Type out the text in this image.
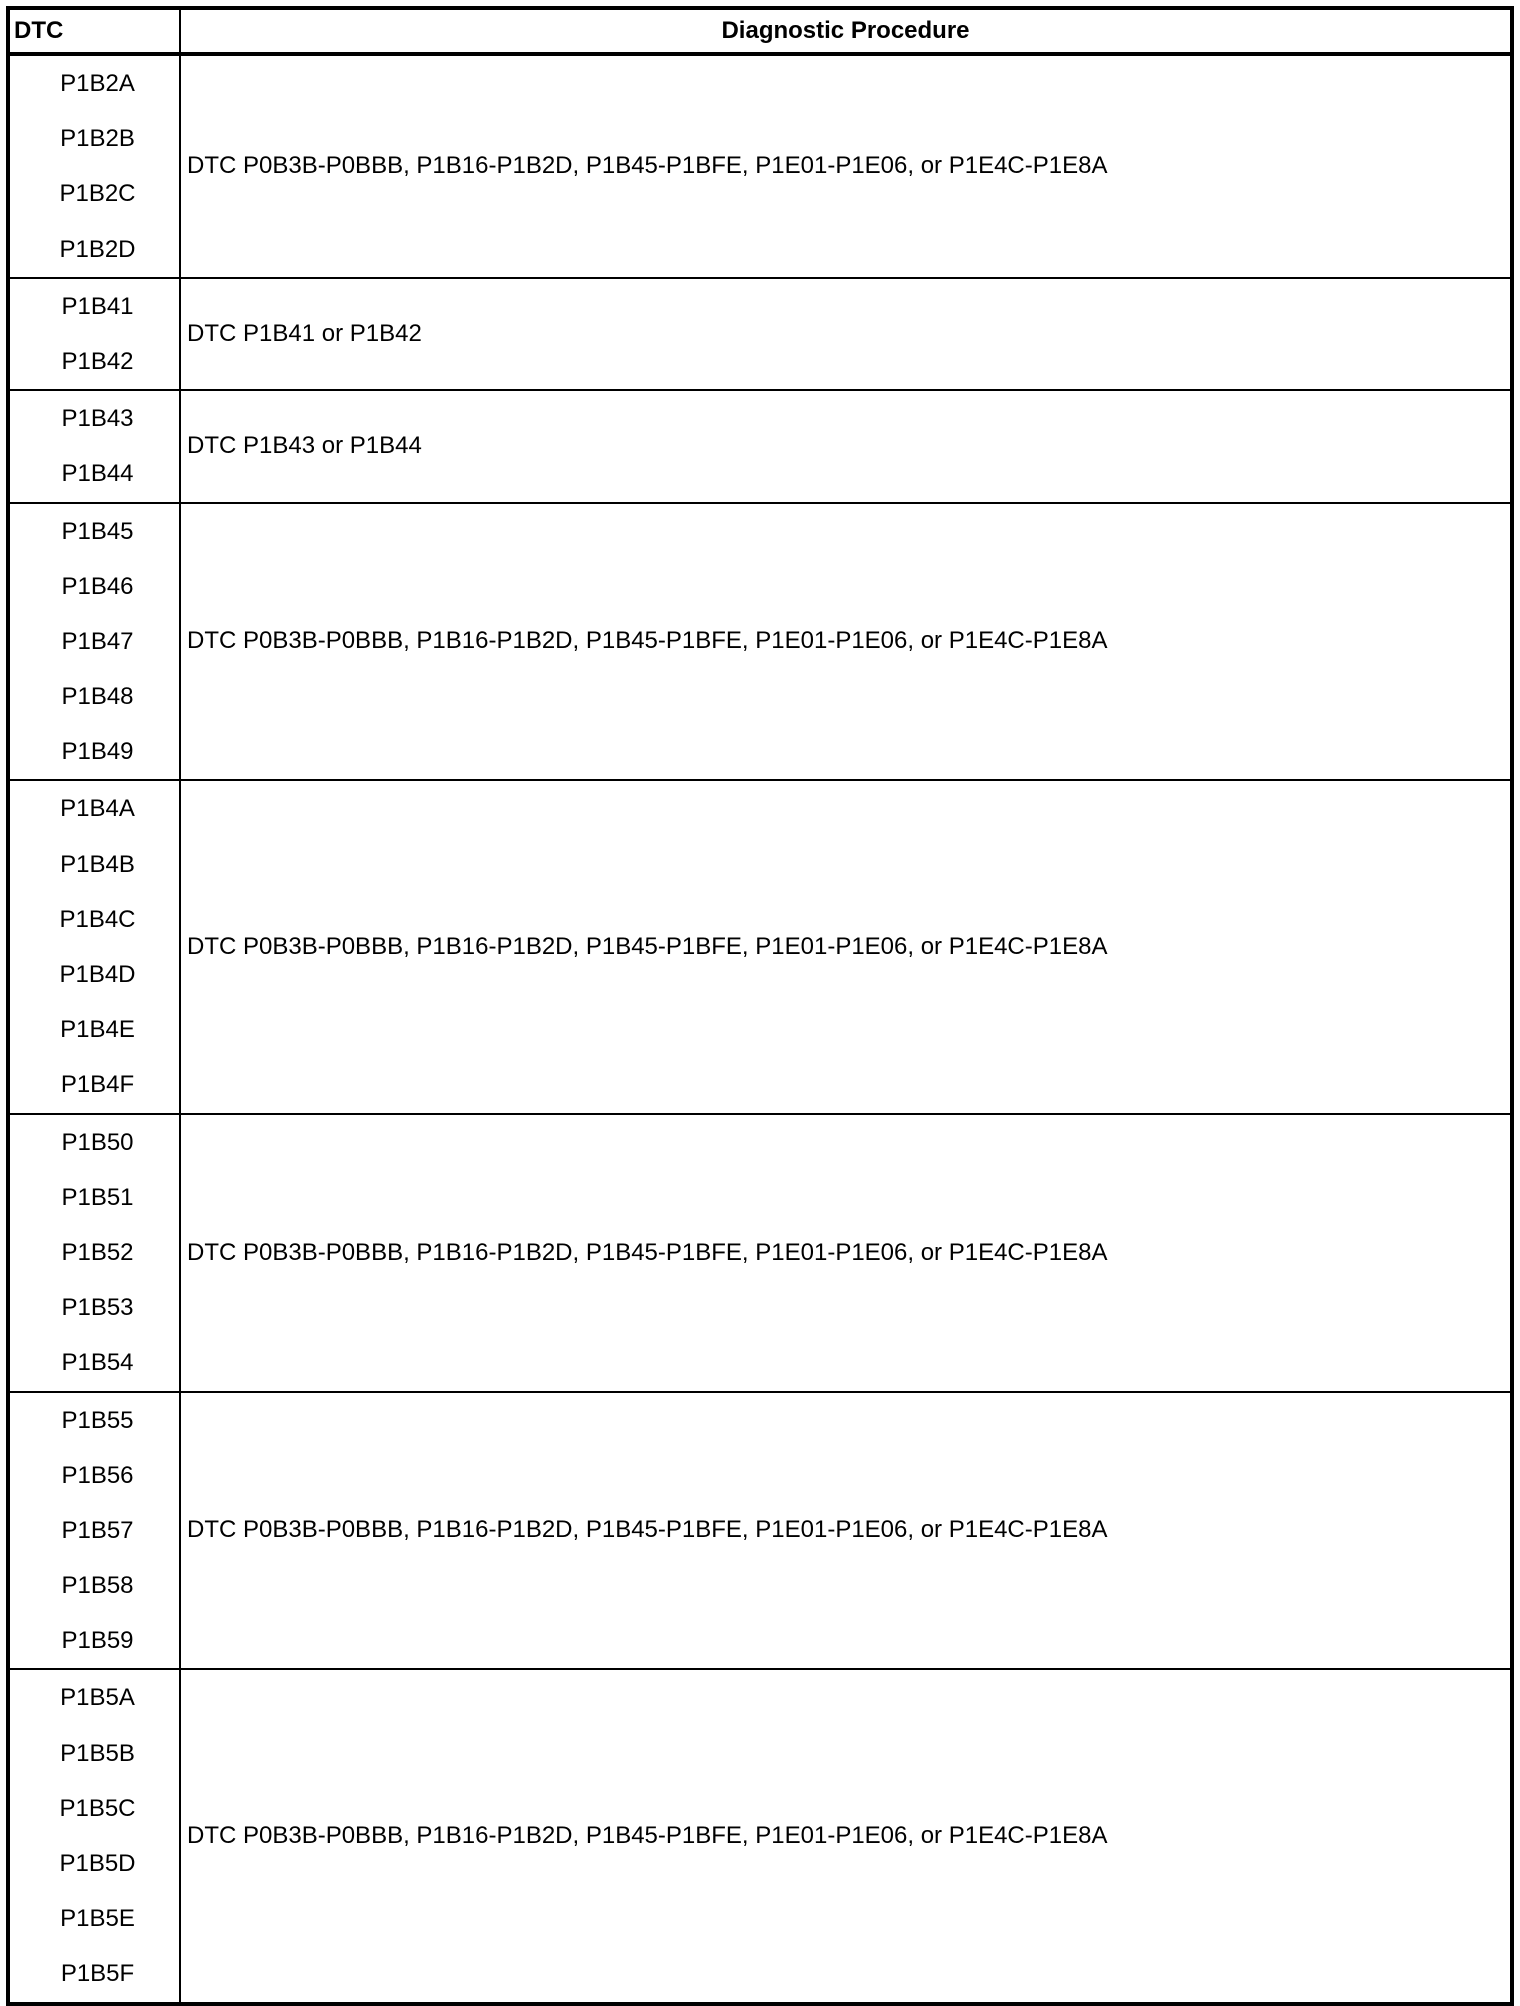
DTC	Diagnostic Procedure
P1B2A
P1B2B
P1B2C
P1B2D
DTC P0B3B-P0BBB, P1B16-P1B2D, P1B45-P1BFE, P1E01-P1E06, or P1E4C-P1E8A
P1B41
P1B42
DTC P1B41 or P1B42
P1B43
P1B44
DTC P1B43 or P1B44
P1B45
P1B46
P1B47
P1B48
P1B49
DTC P0B3B-P0BBB, P1B16-P1B2D, P1B45-P1BFE, P1E01-P1E06, or P1E4C-P1E8A
P1B4A
P1B4B
P1B4C
P1B4D
P1B4E
P1B4F
DTC P0B3B-P0BBB, P1B16-P1B2D, P1B45-P1BFE, P1E01-P1E06, or P1E4C-P1E8A
P1B50
P1B51
P1B52
P1B53
P1B54
DTC P0B3B-P0BBB, P1B16-P1B2D, P1B45-P1BFE, P1E01-P1E06, or P1E4C-P1E8A
P1B55
P1B56
P1B57
P1B58
P1B59
DTC P0B3B-P0BBB, P1B16-P1B2D, P1B45-P1BFE, P1E01-P1E06, or P1E4C-P1E8A
P1B5A
P1B5B
P1B5C
P1B5D
P1B5E
P1B5F
DTC P0B3B-P0BBB, P1B16-P1B2D, P1B45-P1BFE, P1E01-P1E06, or P1E4C-P1E8A
